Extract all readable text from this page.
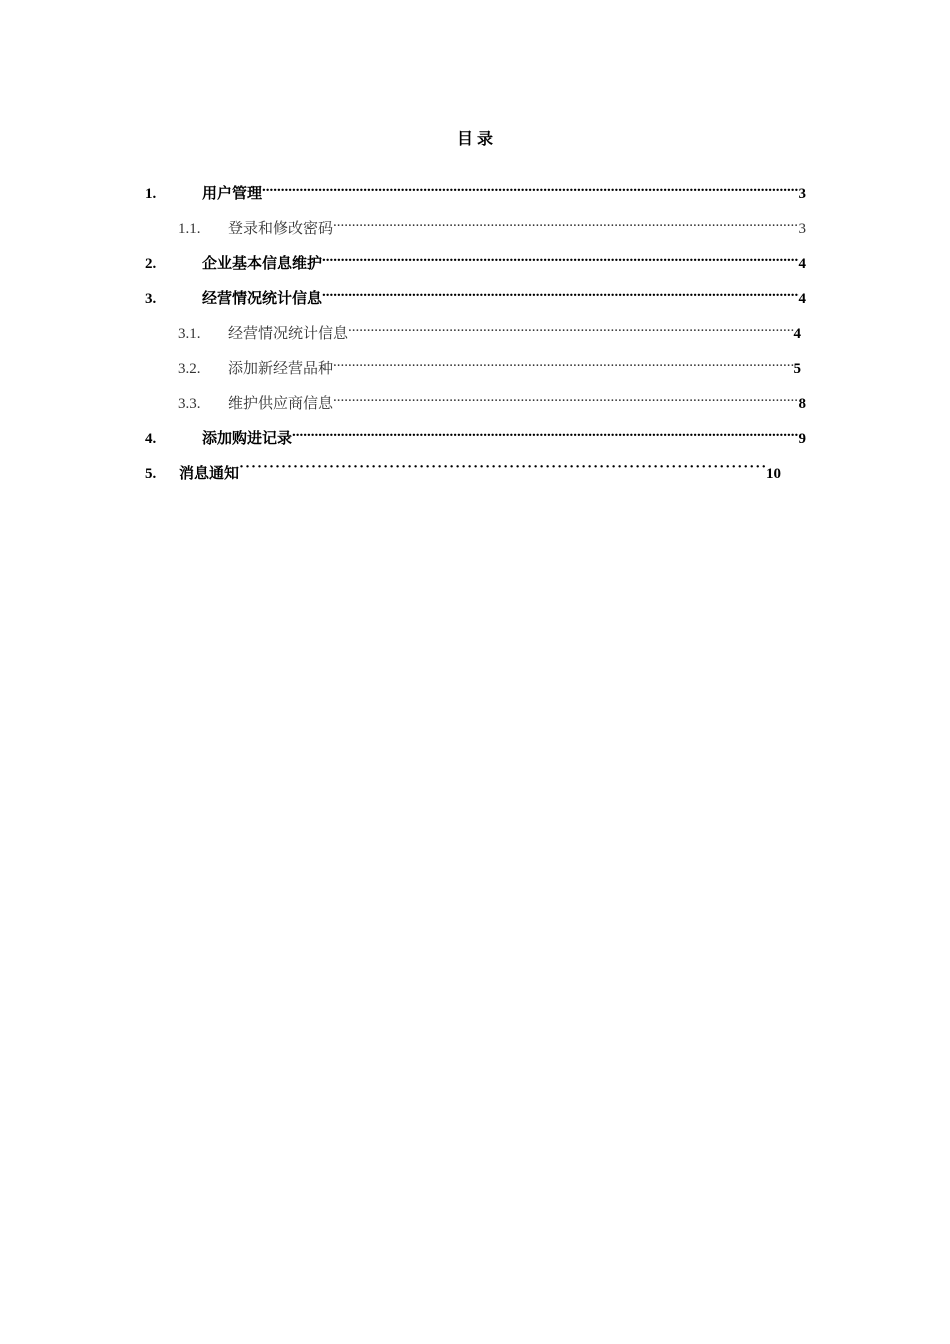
目 录
1.	用户管理 .....	3
1.1.	登录和修改密码 .....	3
2.	企业基本信息维护 .....	4
3.	经营情况统计信息 .....	4
3.1.	经营情况统计信息 .....	4
3.2.	添加新经营品种 .....	5
3.3.	维护供应商信息 .....	8
4.	添加购进记录 .....	9
5.	消息通知 ·····	10
